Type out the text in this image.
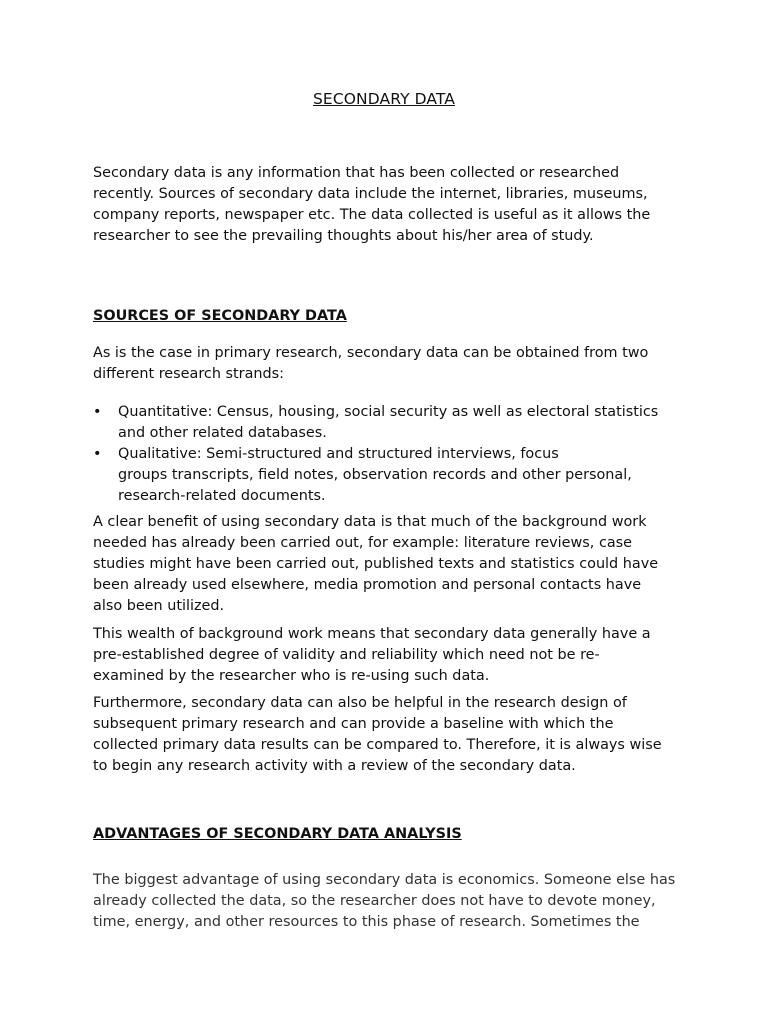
SECONDARY DATA

Secondary data is any information that has been collected or researched
recently. Sources of secondary data include the internet, libraries, museums,
company reports, newspaper etc. The data collected is useful as it allows the
researcher to see the prevailing thoughts about his/her area of study.

SOURCES OF SECONDARY DATA

As is the case in primary research, secondary data can be obtained from two
different research strands:

• Quantitative: Census, housing, social security as well as electoral statistics
and other related databases.
• Qualitative: Semi-structured and structured interviews, focus
groups transcripts, field notes, observation records and other personal,
research-related documents.

A clear benefit of using secondary data is that much of the background work
needed has already been carried out, for example: literature reviews, case
studies might have been carried out, published texts and statistics could have
been already used elsewhere, media promotion and personal contacts have
also been utilized.

This wealth of background work means that secondary data generally have a
pre-established degree of validity and reliability which need not be re-
examined by the researcher who is re-using such data.

Furthermore, secondary data can also be helpful in the research design of
subsequent primary research and can provide a baseline with which the
collected primary data results can be compared to. Therefore, it is always wise
to begin any research activity with a review of the secondary data.

ADVANTAGES OF SECONDARY DATA ANALYSIS

The biggest advantage of using secondary data is economics. Someone else has
already collected the data, so the researcher does not have to devote money,
time, energy, and other resources to this phase of research. Sometimes the
